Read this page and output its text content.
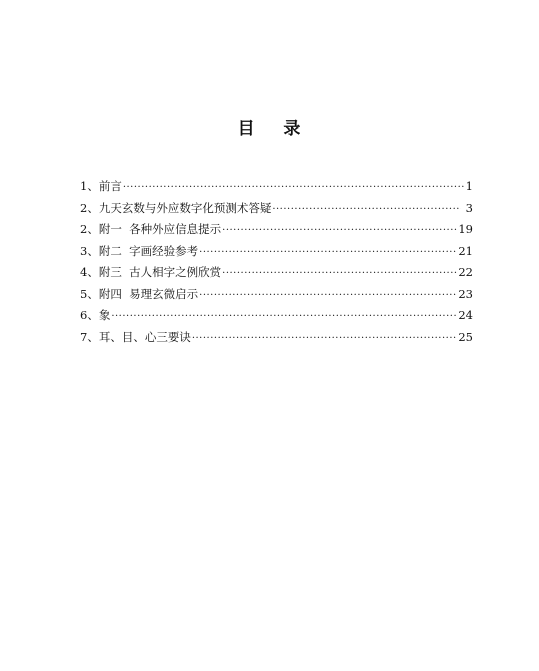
目    录
1、前言 ·····	1
2、九天玄数与外应数字化预测术答疑 ·····	3
2、附一  各种外应信息提示 ·····	19
3、附二  字画经验参考 ·····	21
4、附三  古人相字之例欣赏 ·····	22
5、附四  易理玄微启示 ·····	23
6、象 ·····	24
7、耳、目、心三要诀 ·····	25
